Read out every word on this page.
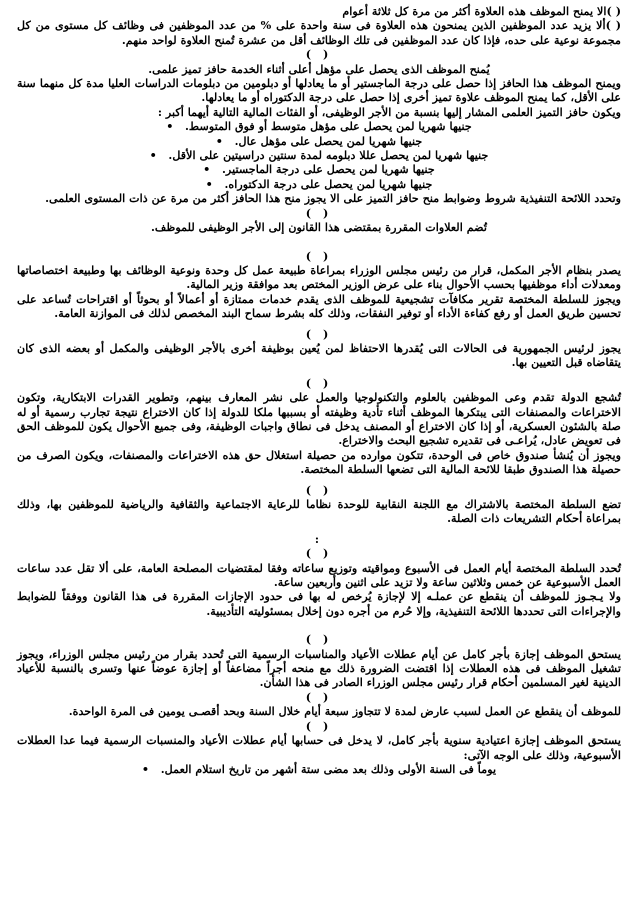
( )الا يمنح الموظف هذه العلاوة أكثر من مرة كل ثلاثة أعوام

( )ألا يزيد عدد الموظفين الذين يمنحون هذه العلاوة فى سنة واحدة على % من عدد الموظفين فى وظائف كل مستوى من كل مجموعة نوعية على حده، فإذا كان عدد الموظفين فى تلك الوظائف أقل من عشرة تُمنح العلاوة لواحد منهم.

( )

يُمنح الموظف الذى يحصل على مؤهل أعلى أثناء الخدمة حافز تميز علمى.

ويمنح الموظف هذا الحافز إذا حصل على درجة الماجستير أو ما يعادلها أو دبلومين من دبلومات الدراسات العليا مدة كل منهما سنة على الأقل، كما يمنح الموظف علاوة تميز أخرى إذا حصل على درجة الدكتوراه أو ما يعادلها.

ويكون حافز التميز العلمى المشار إليها بنسبة من الأجر الوظيفى، أو الفئات المالية التالية أيهما أكبر :

جنيها شهريا لمن يحصل على مؤهل متوسط أو فوق المتوسط. •
جنيها شهريا لمن يحصل على مؤهل عال. •
جنيها شهريا لمن يحصل عللا دبلومه لمدة سنتين دراسيتين على الأقل. •
جنيها شهريا لمن يحصل على درجة الماجستير. •
جنيها شهريا لمن يحصل على درجة الدكتوراه. •

وتحدد اللائحة التنفيذية شروط وضوابط منح حافز التميز على الا يجوز منح هذا الحافز أكثر من مرة عن ذات المستوى العلمى.

( )

تُضم العلاوات المقررة بمقتضى هذا القانون إلى الأجر الوظيفى للموظف.

( )

يصدر بنظام الأجر المكمل، قرار من رئيس مجلس الوزراء بمراعاة طبيعة عمل كل وحدة ونوعية الوظائف بها وطبيعة اختصاصاتها ومعدلات أداء موظفيها بحسب الأحوال بناء على عرض الوزير المختص بعد موافقة وزير المالية.

ويجوز للسلطة المختصة تقرير مكافآت تشجيعية للموظف الذى يقدم خدمات ممتازة أو أعمالاً أو بحوثاً أو اقتراحات تُساعد على تحسين طريق العمل أو رفع كفاءة الأداء أو توفير النفقات، وذلك كله بشرط سماح البند المخصص لذلك فى الموازنة العامة.

( )

يجوز لرئيس الجمهورية فى الحالات التى يُقدرها الاحتفاظ لمن يُعين بوظيفة أخرى بالأجر الوظيفى والمكمل أو بعضه الذى كان يتقاضاه قبل التعيين بها.

( )

تُشجع الدولة تقدم وعى الموظفين بالعلوم والتكنولوجيا والعمل على نشر المعارف بينهم، وتطوير القدرات الابتكارية، وتكون الاختراعات والمصنفات التى يبتكرها الموظف أثناء تأدية وظيفته أو بسببها ملكا للدولة إذا كان الاختراع نتيجة تجارب رسمية أو له صلة بالشئون العسكرية، أو إذا كان الاختراع أو المصنف يدخل فى نطاق واجبات الوظيفة، وفى جميع الأحوال يكون للموظف الحق فى تعويض عادل، يُراعـى فى تقديره تشجيع البحث والاختراع.

ويجوز أن يُنشأ صندوق خاص فى الوحدة، تتكون موارده من حصيلة استغلال حق هذه الاختراعات والمصنفات، ويكون الصرف من حصيلة هذا الصندوق طبقا للائحة المالية التى تضعها السلطة المختصة.

( )

تضع السلطة المختصة بالاشتراك مع اللجنة النقابية للوحدة نظاما للرعاية الاجتماعية والثقافية والرياضية للموظفين بها، وذلك بمراعاة أحكام التشريعات ذات الصلة.

:
( )

تُحدد السلطة المختصة أيام العمل فى الأسبوع ومواقيته وتوزيع ساعاته وفقا لمقتضيات المصلحة العامة، على ألا تقل عدد ساعات العمل الأسبوعية عن خمس وثلاثين ساعة ولا تزيد على اثنين وأربعين ساعة.

ولا يـجـوز للموظف أن ينقطع عن عملـه إلا لإجازة يُرخص له بها فى حدود الإجازات المقررة فى هذا القانون ووفقاً للضوابط والإجراءات التى تحددها اللائحة التنفيذية، وإلا حُرم من أجره دون إخلال بمسئوليته التأديبية.

( )

يستحق الموظف إجازة بأجر كامل عن أيام عطلات الأعياد والمناسبات الرسمية التى تُحدد بقرار من رئيس مجلس الوزراء، ويجوز تشغيل الموظف فى هذه العطلات إذا اقتضت الضرورة ذلك مع منحه أجراً مضاعفاً أو إجازة عوضاً عنها وتسرى بالنسبة للأعياد الدينية لغير المسلمين أحكام قرار رئيس مجلس الوزراء الصادر فى هذا الشأن.

( )

للموظف أن ينقطع عن العمل لسبب عارض لمدة لا تتجاوز سبعة أيام خلال السنة وبحد أقصـى يومين فى المرة الواحدة.

( )

يستحق الموظف إجازة اعتيادية سنوية بأجر كامل، لا يدخل فى حسابها أيام عطلات الأعياد والمنسبات الرسمية فيما عدا العطلات الأسبوعية، وذلك على الوجه الآتى:

يوماً فى السنة الأولى وذلك بعد مضى ستة أشهر من تاريخ استلام العمل. •
